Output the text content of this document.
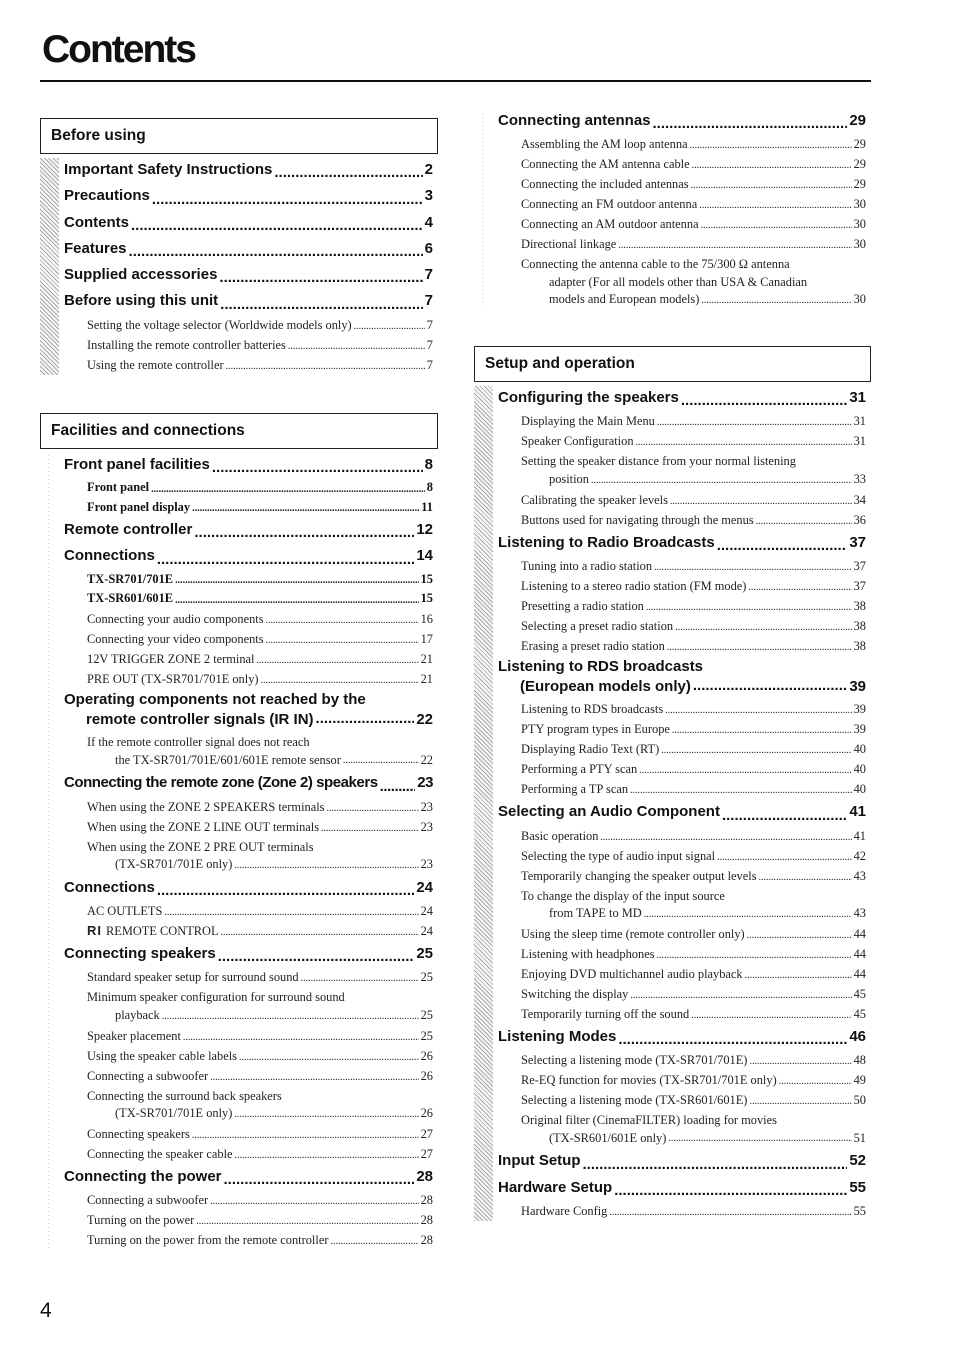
Contents
Before using
Important Safety Instructions .....	2
Precautions .....	3
Contents .....	4
Features .....	6
Supplied accessories .....	7
Before using this unit .....	7
Setting the voltage selector (Worldwide models only) .....	7
Installing the remote controller batteries .....	7
Using the remote controller .....	7
Facilities and connections
Front panel facilities .....	8
Front panel .....	8
Front panel display .....	11
Remote controller .....	12
Connections .....	14
TX-SR701/701E .....	15
TX-SR601/601E .....	15
Connecting your audio components .....	16
Connecting your video components .....	17
12V TRIGGER ZONE 2 terminal .....	21
PRE OUT (TX-SR701/701E only) .....	21
Operating components not reached by the
remote controller signals (IR IN) .....	22
If the remote controller signal does not reach
the TX-SR701/701E/601/601E remote sensor .....	22
Connecting the remote zone (Zone 2) speakers .....	23
When using the ZONE 2 SPEAKERS terminals .....	23
When using the ZONE 2 LINE OUT terminals .....	23
When using the ZONE 2 PRE OUT terminals
(TX-SR701/701E only) .....	23
Connections .....	24
AC OUTLETS .....	24
RI REMOTE CONTROL .....	24
Connecting speakers .....	25
Standard speaker setup for surround sound .....	25
Minimum speaker configuration for surround sound
playback .....	25
Speaker placement .....	25
Using the speaker cable labels .....	26
Connecting a subwoofer .....	26
Connecting the surround back speakers
(TX-SR701/701E only) .....	26
Connecting speakers .....	27
Connecting the speaker cable .....	27
Connecting the power .....	28
Connecting a subwoofer .....	28
Turning on the power .....	28
Turning on the power from the remote controller .....	28
Connecting antennas .....	29
Assembling the AM loop antenna .....	29
Connecting the AM antenna cable .....	29
Connecting the included antennas .....	29
Connecting an FM outdoor antenna .....	30
Connecting an AM outdoor antenna .....	30
Directional linkage .....	30
Connecting the antenna cable to the 75/300 Ω antenna
adapter (For all models other than USA & Canadian
models and European models) .....	30
Setup and operation
Configuring the speakers .....	31
Displaying the Main Menu .....	31
Speaker Configuration .....	31
Setting the speaker distance from your normal listening
position .....	33
Calibrating the speaker levels .....	34
Buttons used for navigating through the menus .....	36
Listening to Radio Broadcasts .....	37
Tuning into a radio station .....	37
Listening to a stereo radio station (FM mode) .....	37
Presetting a radio station .....	38
Selecting a preset radio station .....	38
Erasing a preset radio station .....	38
Listening to RDS broadcasts
(European models only) .....	39
Listening to RDS broadcasts .....	39
PTY program types in Europe .....	39
Displaying Radio Text (RT) .....	40
Performing a PTY scan .....	40
Performing a TP scan .....	40
Selecting an Audio Component .....	41
Basic operation .....	41
Selecting the type of audio input signal .....	42
Temporarily changing the speaker output levels .....	43
To change the display of the input source
from TAPE to MD .....	43
Using the sleep time (remote controller only) .....	44
Listening with headphones .....	44
Enjoying DVD multichannel audio playback .....	44
Switching the display .....	45
Temporarily turning off the sound .....	45
Listening Modes .....	46
Selecting a listening mode (TX-SR701/701E) .....	48
Re-EQ function for movies (TX-SR701/701E only) .....	49
Selecting a listening mode (TX-SR601/601E) .....	50
Original filter (CinemaFILTER) loading for movies
(TX-SR601/601E only) .....	51
Input Setup .....	52
Hardware Setup .....	55
Hardware Config .....	55
4
